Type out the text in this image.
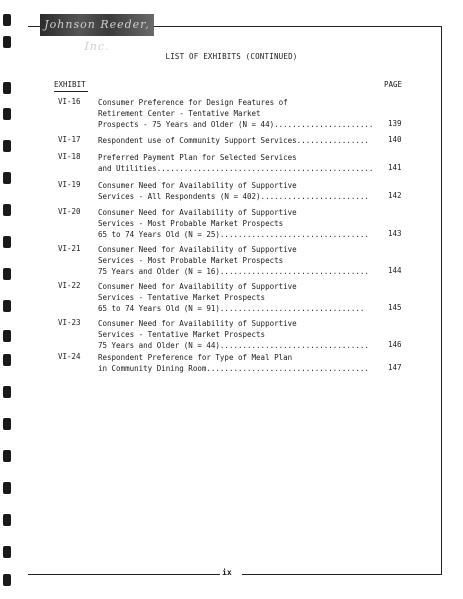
Johnson Reeder, Inc.
LIST OF EXHIBITS (CONTINUED)
EXHIBIT	PAGE
VI-16 Consumer Preference for Design Features of
Retirement Center - Tentative Market
Prospects - 75 Years and Older (N = 44)......................	139
VI-17 Respondent use of Community Support Services................	140
VI-18 Preferred Payment Plan for Selected Services
and Utilities................................................	141
VI-19 Consumer Need for Availability of Supportive
Services - All Respondents (N = 402)........................	142
VI-20 Consumer Need for Availability of Supportive
Services - Most Probable Market Prospects
65 to 74 Years Old (N = 25).................................	143
VI-21 Consumer Need for Availability of Supportive
Services - Most Probable Market Prospects
75 Years and Older (N = 16).................................	144
VI-22 Consumer Need for Availability of Supportive
Services - Tentative Market Prospects
65 to 74 Years Old (N = 91)................................	145
VI-23 Consumer Need for Availability of Supportive
Services - Tentative Market Prospects
75 Years and Older (N = 44).................................	146
VI-24 Respondent Preference for Type of Meal Plan
in Community Dining Room....................................	147
ix
